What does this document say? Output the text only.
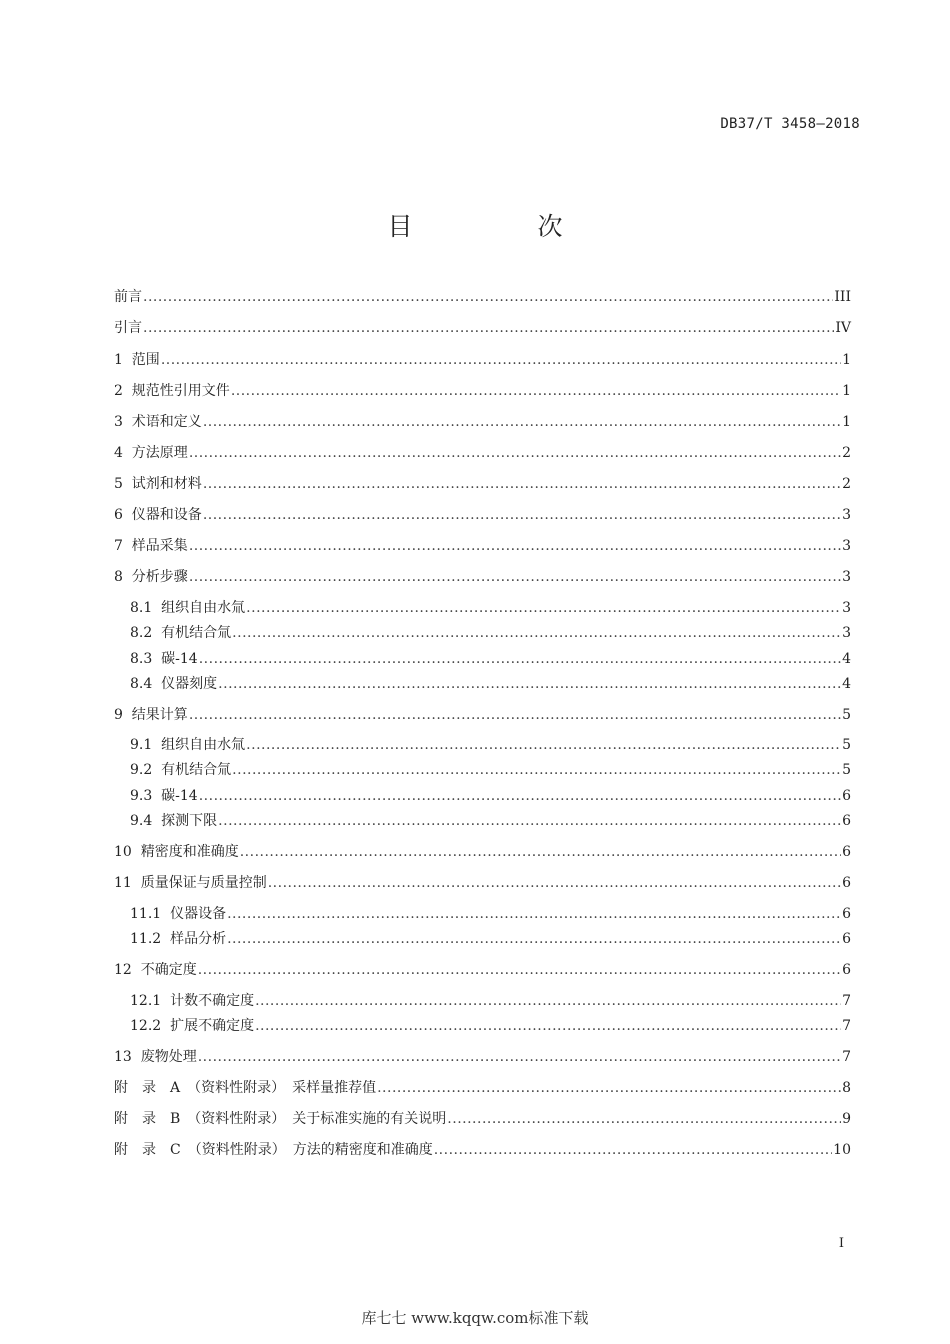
DB37/T 3458—2018
目　次
前言 .....	III
引言 .....	IV
1  范围 .....	1
2  规范性引用文件 .....	1
3  术语和定义 .....	1
4  方法原理 .....	2
5  试剂和材料 .....	2
6  仪器和设备 .....	3
7  样品采集 .....	3
8  分析步骤 .....	3
8.1  组织自由水氚 .....	3
8.2  有机结合氚 .....	3
8.3  碳-14 .....	4
8.4  仪器刻度 .....	4
9  结果计算 .....	5
9.1  组织自由水氚 .....	5
9.2  有机结合氚 .....	5
9.3  碳-14 .....	6
9.4  探测下限 .....	6
10  精密度和准确度 .....	6
11  质量保证与质量控制 .....	6
11.1  仪器设备 .....	6
11.2  样品分析 .....	6
12  不确定度 .....	6
12.1  计数不确定度 .....	7
12.2  扩展不确定度 .....	7
13  废物处理 .....	7
附　录　A　（资料性附录）　采样量推荐值 .....	8
附　录　B　（资料性附录）　关于标准实施的有关说明 .....	9
附　录　C　（资料性附录）　方法的精密度和准确度 .....	10
I
库七七 www.kqqw.com标准下载
